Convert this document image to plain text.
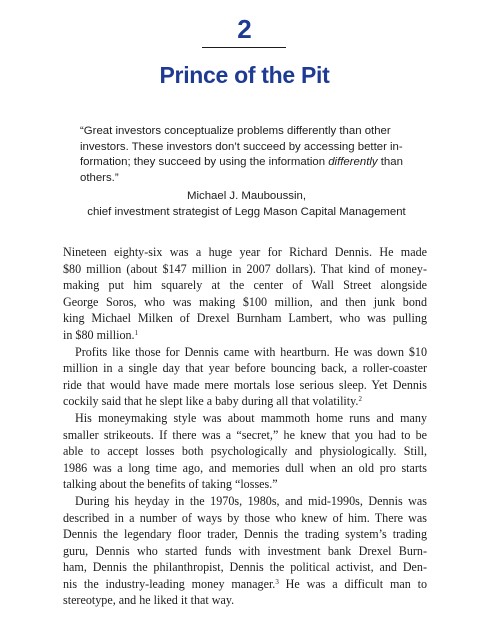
2
Prince of the Pit
“Great investors conceptualize problems differently than other
investors. These investors don’t succeed by accessing better in-
formation; they succeed by using the information differently than
others.”
Michael J. Mauboussin,
chief investment strategist of Legg Mason Capital Management
Nineteen eighty-six was a huge year for Richard Dennis. He made
$80 million (about $147 million in 2007 dollars). That kind of money-
making put him squarely at the center of Wall Street alongside
George Soros, who was making $100 million, and then junk bond
king Michael Milken of Drexel Burnham Lambert, who was pulling
in $80 million.$^1$
Profits like those for Dennis came with heartburn. He was down $10
million in a single day that year before bouncing back, a roller-coaster
ride that would have made mere mortals lose serious sleep. Yet Dennis
cockily said that he slept like a baby during all that volatility.$^2$
His moneymaking style was about mammoth home runs and many
smaller strikeouts. If there was a “secret,” he knew that you had to be
able to accept losses both psychologically and physiologically. Still,
1986 was a long time ago, and memories dull when an old pro starts
talking about the benefits of taking “losses.”
During his heyday in the 1970s, 1980s, and mid-1990s, Dennis was
described in a number of ways by those who knew of him. There was
Dennis the legendary floor trader, Dennis the trading system’s trading
guru, Dennis who started funds with investment bank Drexel Burn-
ham, Dennis the philanthropist, Dennis the political activist, and Den-
nis the industry-leading money manager.$^3$ He was a difficult man to
stereotype, and he liked it that way.
